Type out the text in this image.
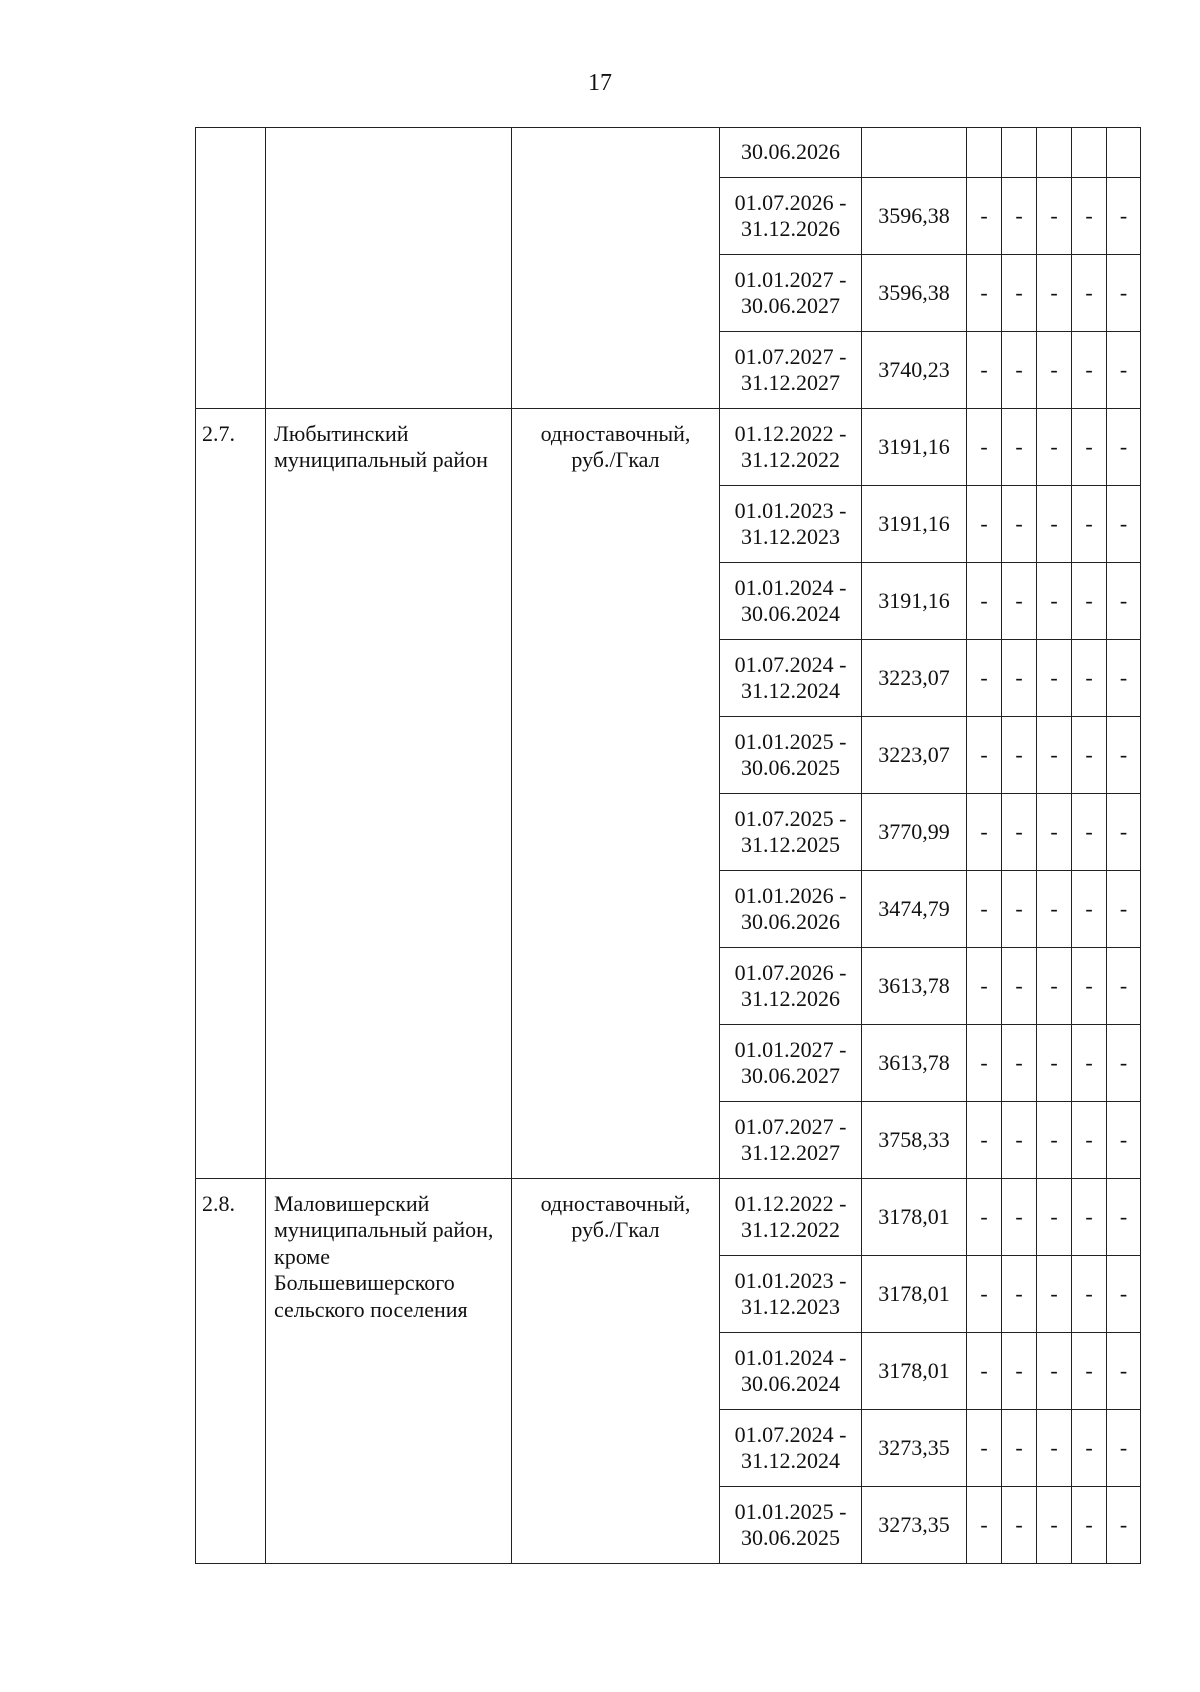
17
			30.06.2026						
			01.07.2026 - 31.12.2026	3596,38	-	-	-	-	-
			01.01.2027 - 30.06.2027	3596,38	-	-	-	-	-
			01.07.2027 - 31.12.2027	3740,23	-	-	-	-	-
2.7.	Любытинский муниципальный район	одноставочный, руб./Гкал	01.12.2022 - 31.12.2022	3191,16	-	-	-	-	-
			01.01.2023 - 31.12.2023	3191,16	-	-	-	-	-
			01.01.2024 - 30.06.2024	3191,16	-	-	-	-	-
			01.07.2024 - 31.12.2024	3223,07	-	-	-	-	-
			01.01.2025 - 30.06.2025	3223,07	-	-	-	-	-
			01.07.2025 - 31.12.2025	3770,99	-	-	-	-	-
			01.01.2026 - 30.06.2026	3474,79	-	-	-	-	-
			01.07.2026 - 31.12.2026	3613,78	-	-	-	-	-
			01.01.2027 - 30.06.2027	3613,78	-	-	-	-	-
			01.07.2027 - 31.12.2027	3758,33	-	-	-	-	-
2.8.	Маловишерский муниципальный район, кроме Большевишерского сельского поселения	одноставочный, руб./Гкал	01.12.2022 - 31.12.2022	3178,01	-	-	-	-	-
			01.01.2023 - 31.12.2023	3178,01	-	-	-	-	-
			01.01.2024 - 30.06.2024	3178,01	-	-	-	-	-
			01.07.2024 - 31.12.2024	3273,35	-	-	-	-	-
			01.01.2025 - 30.06.2025	3273,35	-	-	-	-	-
